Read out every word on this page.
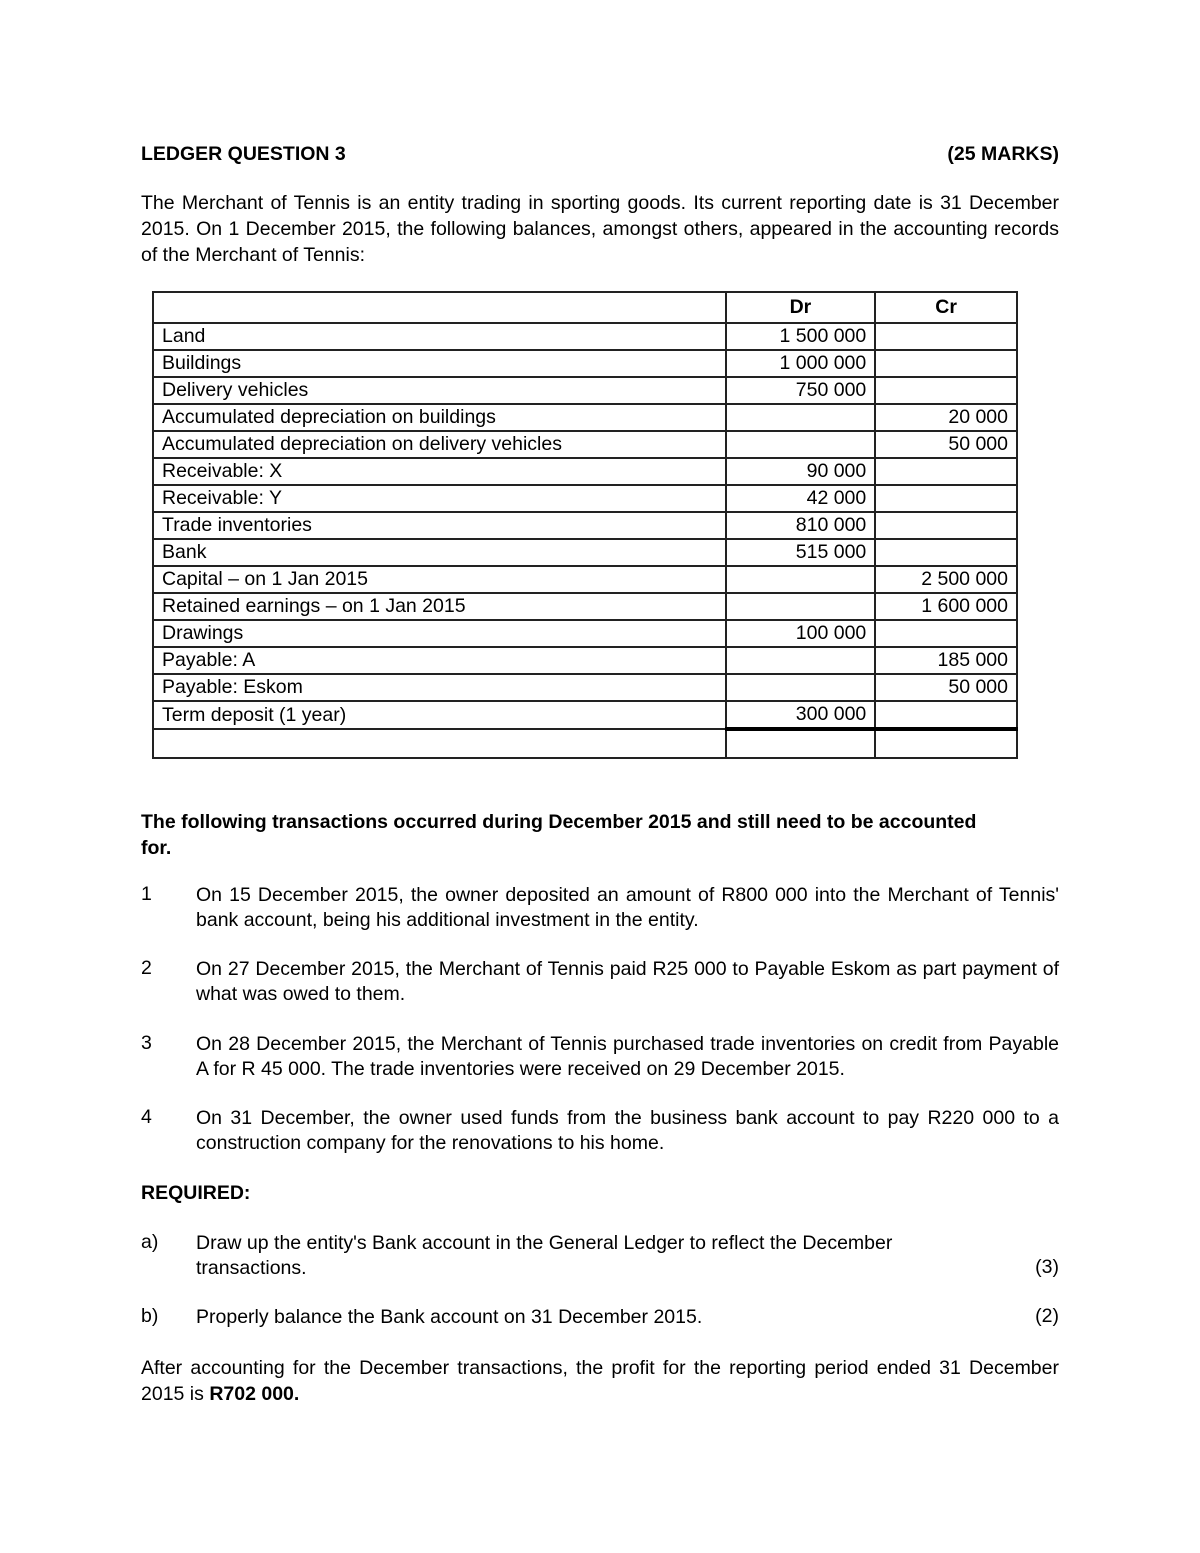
LEDGER QUESTION 3	(25 MARKS)
The Merchant of Tennis is an entity trading in sporting goods. Its current reporting date is 31 December 2015. On 1 December 2015, the following balances, amongst others, appeared in the accounting records of the Merchant of Tennis:
	Dr	Cr
Land	1 500 000	
Buildings	1 000 000	
Delivery vehicles	750 000	
Accumulated depreciation on buildings		20 000
Accumulated depreciation on delivery vehicles		50 000
Receivable: X	90 000	
Receivable: Y	42 000	
Trade inventories	810 000	
Bank	515 000	
Capital – on 1 Jan 2015		2 500 000
Retained earnings – on 1 Jan 2015		1 600 000
Drawings	100 000	
Payable: A		185 000
Payable: Eskom		50 000
Term deposit (1 year)	300 000	

The following transactions occurred during December 2015 and still need to be accounted for.
1 On 15 December 2015, the owner deposited an amount of R800 000 into the Merchant of Tennis' bank account, being his additional investment in the entity.
2 On 27 December 2015, the Merchant of Tennis paid R25 000 to Payable Eskom as part payment of what was owed to them.
3 On 28 December 2015, the Merchant of Tennis purchased trade inventories on credit from Payable A for R 45 000. The trade inventories were received on 29 December 2015.
4 On 31 December, the owner used funds from the business bank account to pay R220 000 to a construction company for the renovations to his home.
REQUIRED:
a) Draw up the entity's Bank account in the General Ledger to reflect the December transactions.	(3)
b) Properly balance the Bank account on 31 December 2015.	(2)
After accounting for the December transactions, the profit for the reporting period ended 31 December 2015 is R702 000.
